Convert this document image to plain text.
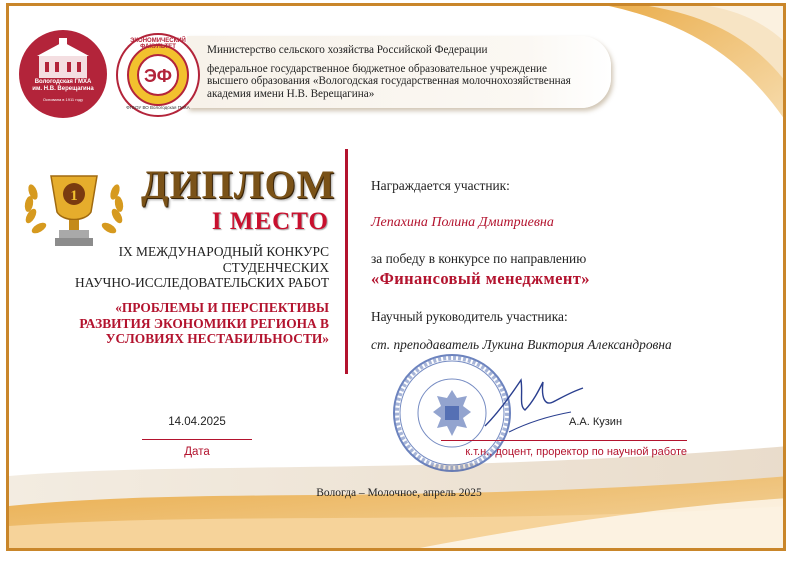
Министерство сельского хозяйства Российской Федерации
федеральное государственное бюджетное образовательное учреждение
высшего образования «Вологодская государственная молочнохозяйственная
академия имени Н.В. Верещагина»
Вологодская ГМХА
им. Н.В. Верещагина
Основана в 1911 году
ЭФ
ЭКОНОМИЧЕСКИЙ ФАКУЛЬТЕТ
ФГБОУ ВО Вологодская ГМХА
1 ДИПЛОМ
I МЕСТО
IX МЕЖДУНАРОДНЫЙ КОНКУРС
СТУДЕНЧЕСКИХ
НАУЧНО-ИССЛЕДОВАТЕЛЬСКИХ РАБОТ
«ПРОБЛЕМЫ И ПЕРСПЕКТИВЫ
РАЗВИТИЯ ЭКОНОМИКИ РЕГИОНА В
УСЛОВИЯХ НЕСТАБИЛЬНОСТИ»
Награждается участник:
Лепахина Полина Дмитриевна
за победу в конкурсе по направлению
«Финансовый менеджмент»
Научный руководитель участника:
ст. преподаватель Лукина Виктория Александровна
14.04.2025
Дата
А.А. Кузин
к.т.н., доцент, проректор по научной работе
Вологда – Молочное, апрель 2025
